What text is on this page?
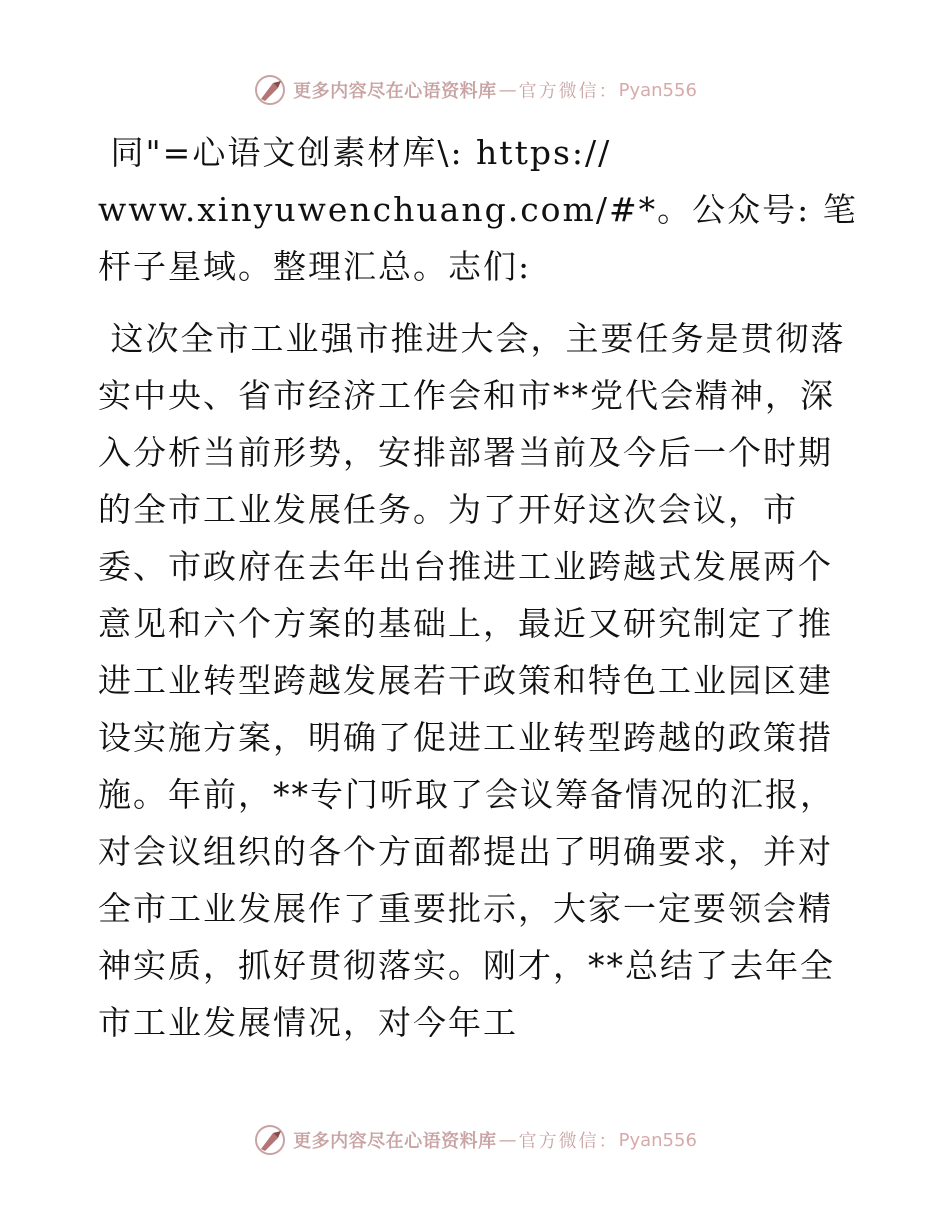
更多内容尽在心语资料库 — 官方微信： Pyan556

同"=心语文创素材库\: https://
www.xinyuwenchuang.com/#*。公众号: 笔杆子星域。整理汇总。志们:

这次全市工业强市推进大会，主要任务是贯彻落实中央、省市经济工作会和市**党代会精神，深入分析当前形势，安排部署当前及今后一个时期的全市工业发展任务。为了开好这次会议，市委、市政府在去年出台推进工业跨越式发展两个意见和六个方案的基础上，最近又研究制定了推进工业转型跨越发展若干政策和特色工业园区建设实施方案，明确了促进工业转型跨越的政策措施。年前，**专门听取了会议筹备情况的汇报，对会议组织的各个方面都提出了明确要求，并对全市工业发展作了重要批示，大家一定要领会精神实质，抓好贯彻落实。刚才，**总结了去年全市工业发展情况，对今年工

更多内容尽在心语资料库 — 官方微信： Pyan556
